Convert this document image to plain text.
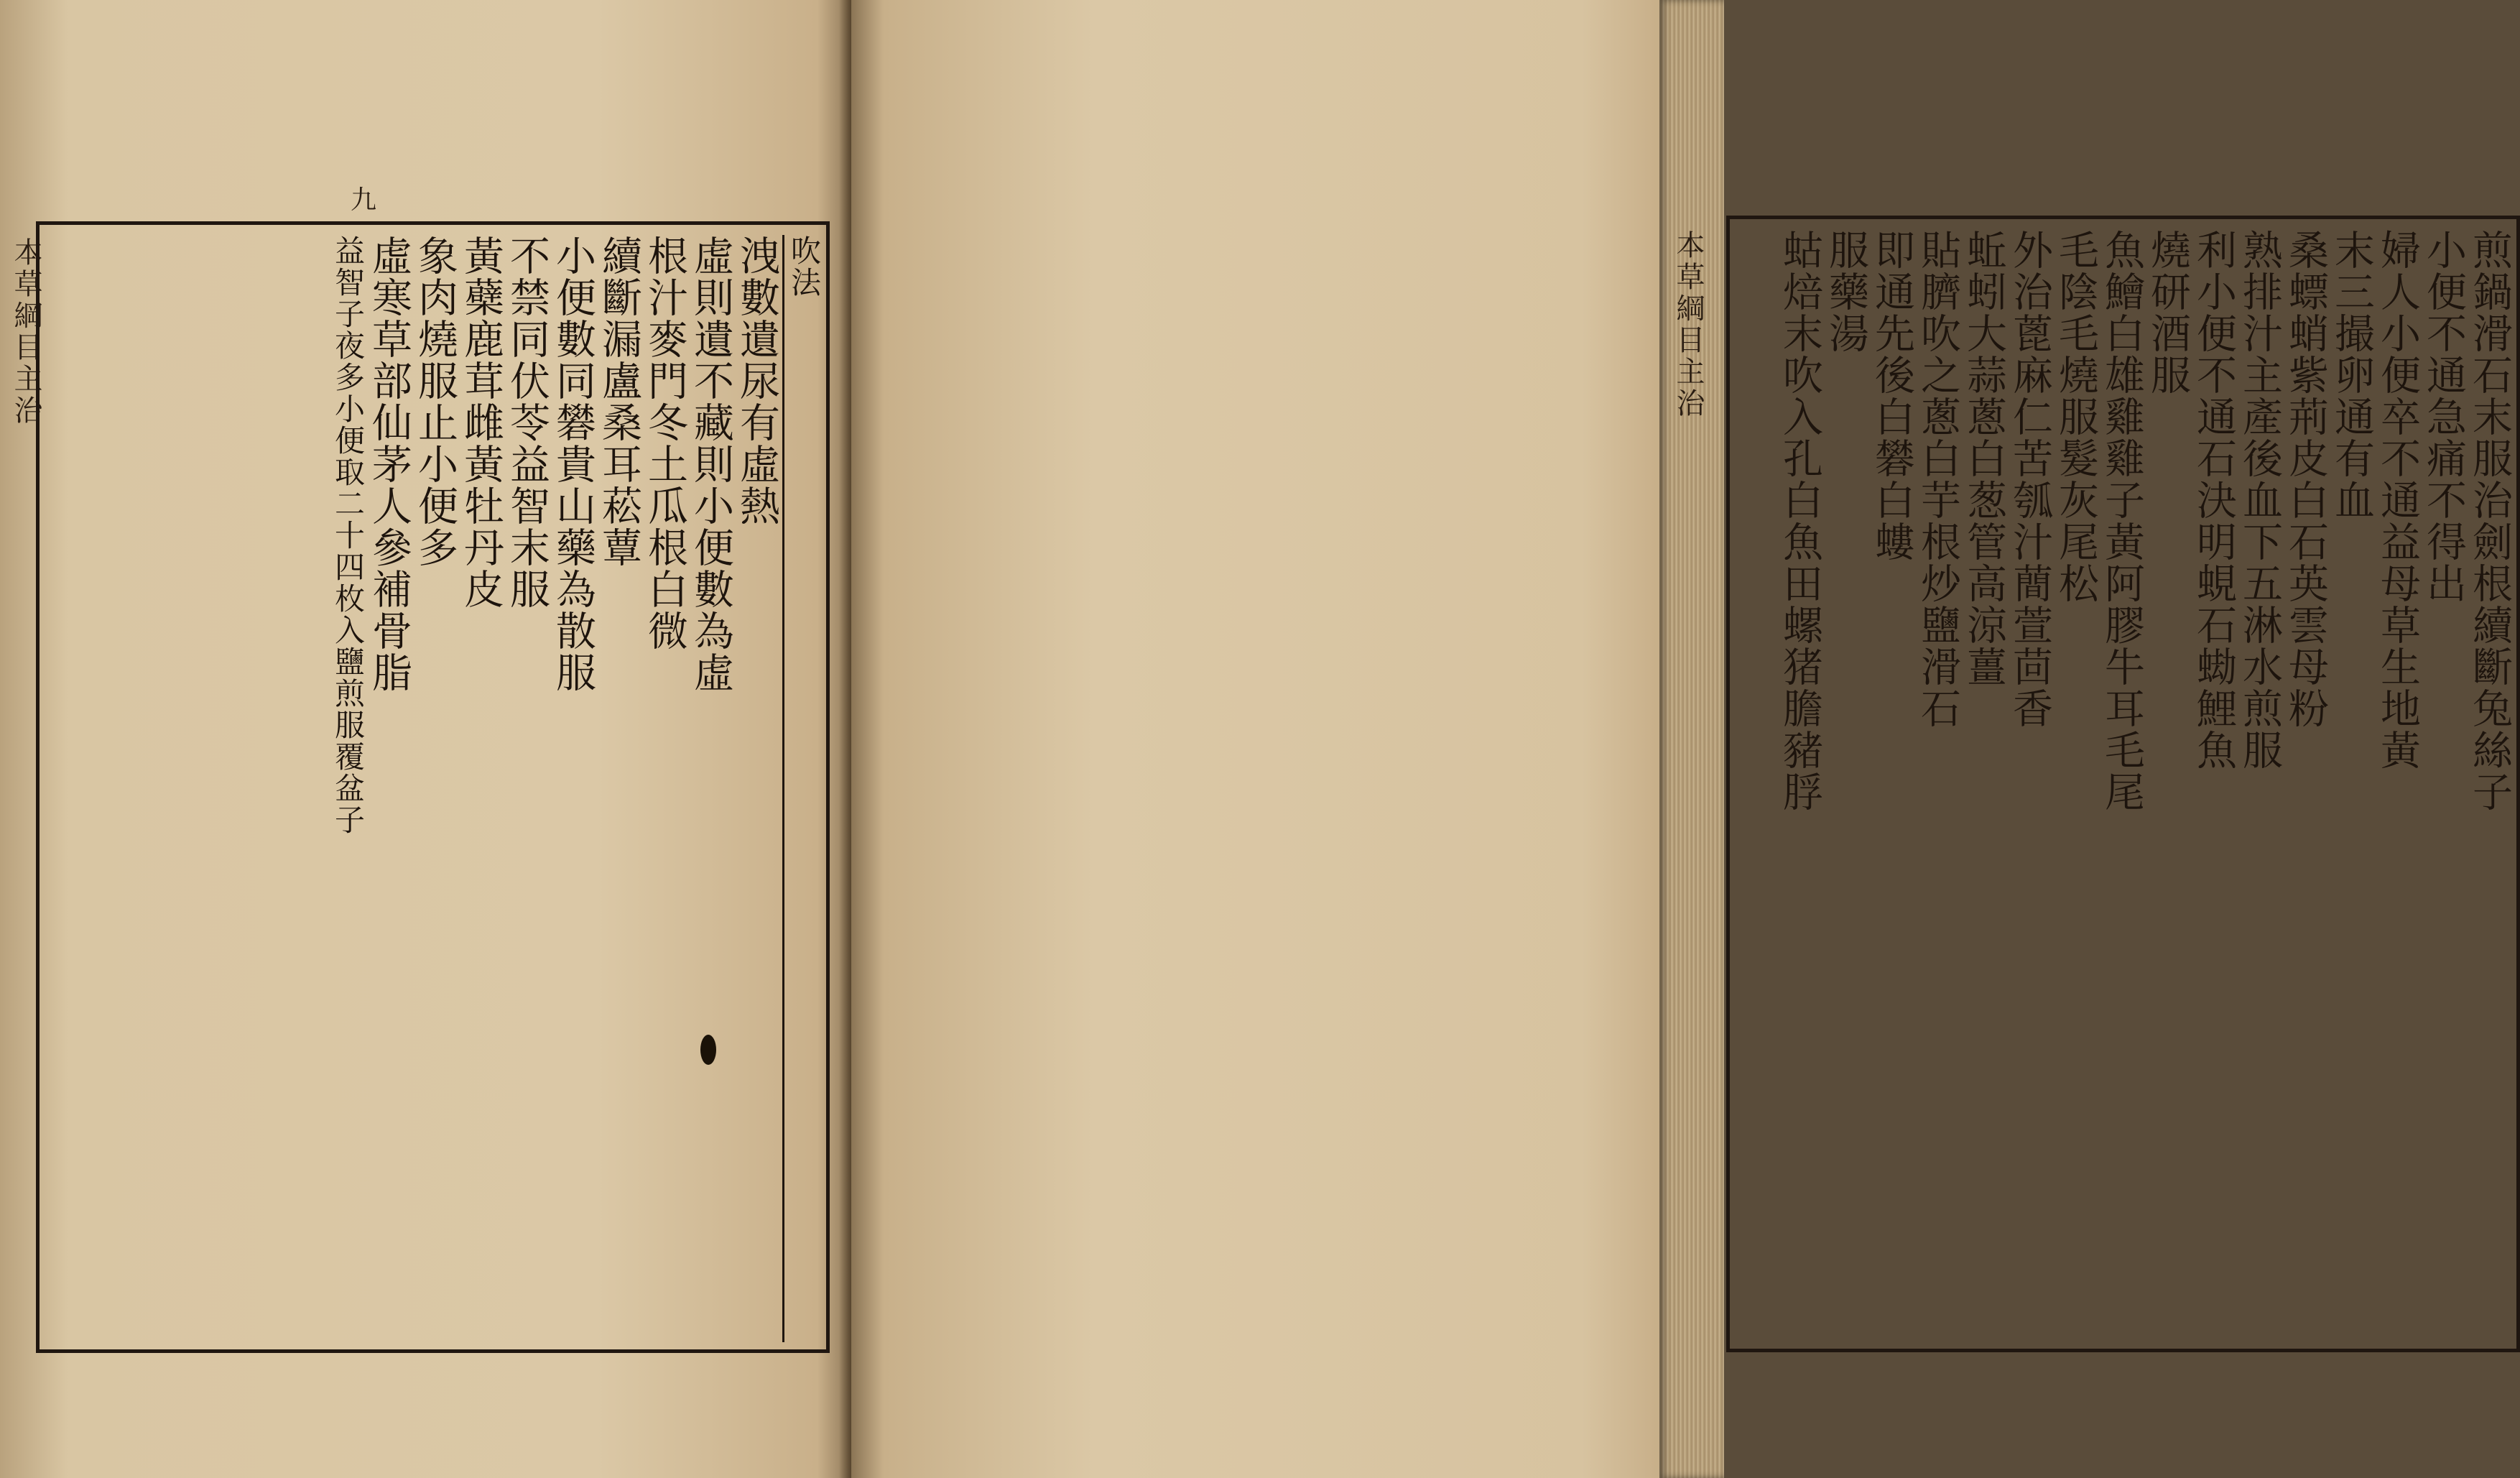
本草綱目主治
九
吹法
洩數遺尿有虛熱
虛則遺不藏則小便數為虛
根汁麥門冬土瓜根白微
續斷漏盧桑耳菘蕈
小便數同礬貴山藥為散服
不禁同伏苓益智末服
黃蘗鹿茸雌黃牡丹皮
象肉燒服止小便多
虛寒草部仙茅人參補骨脂
益智子夜多小便取二十四枚入鹽煎服覆盆子	煎鍋滑石末服治劍根續斷兔絲子
小便不通急痛不得出
婦人小便卒不通益母草生地黃
末三撮卵通有血
桑螵蛸紫荊皮白石英雲母粉
熟排汁主產後血下五淋水煎服
利小便不通石決明蜆石蜐鯉魚
燒研酒服
魚鱠白雄雞雞子黃阿膠牛耳毛尾
毛陰毛燒服髮灰尾松
外治蓖麻仁苦瓠汁蕳萱茴香
蚯蚓大蒜蔥白葱管高涼薑
貼臍吹之蔥白芋根炒鹽滑石
即通先後白礬白螻
服藥湯
蛄焙末吹入孔白魚田螺猪膽豬脬
本草綱目主治
